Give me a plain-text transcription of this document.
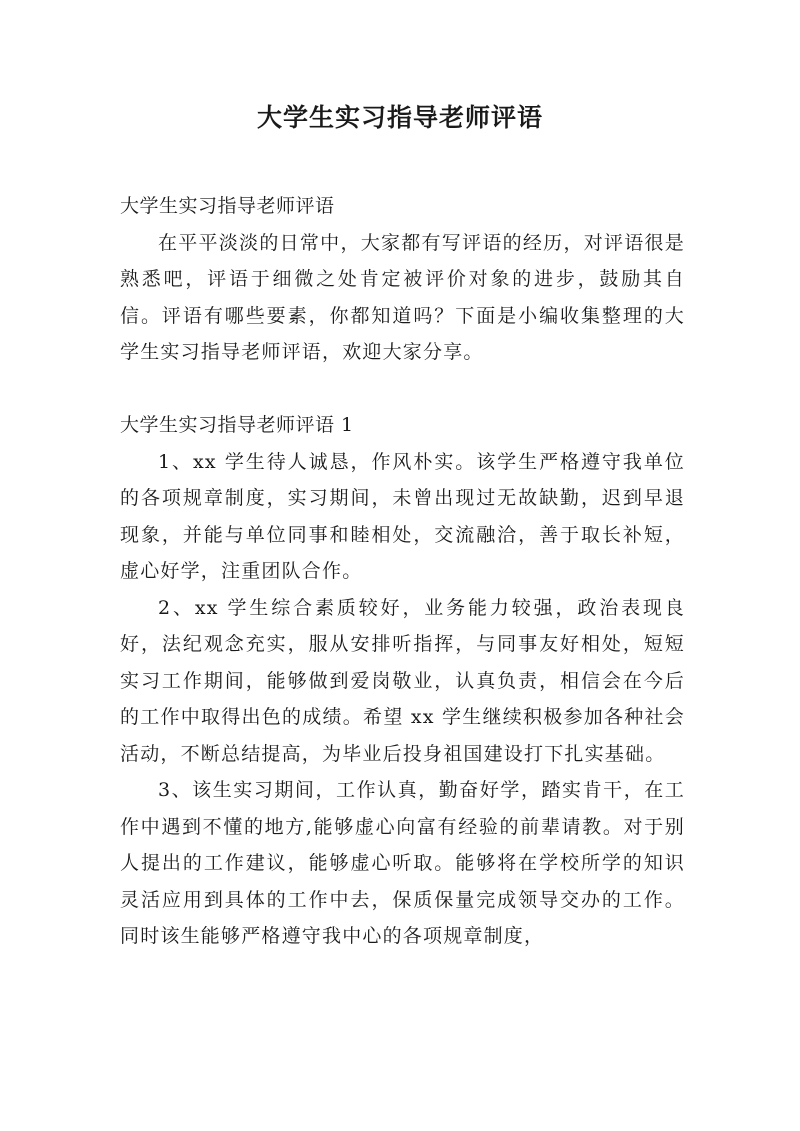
大学生实习指导老师评语

大学生实习指导老师评语

在平平淡淡的日常中，大家都有写评语的经历，对评语很是熟悉吧，评语于细微之处肯定被评价对象的进步，鼓励其自信。评语有哪些要素，你都知道吗？下面是小编收集整理的大学生实习指导老师评语，欢迎大家分享。

大学生实习指导老师评语 1

1、xx 学生待人诚恳，作风朴实。该学生严格遵守我单位的各项规章制度，实习期间，未曾出现过无故缺勤，迟到早退现象，并能与单位同事和睦相处，交流融洽，善于取长补短，虚心好学，注重团队合作。

2、xx 学生综合素质较好，业务能力较强，政治表现良好，法纪观念充实，服从安排听指挥，与同事友好相处，短短实习工作期间，能够做到爱岗敬业，认真负责，相信会在今后的工作中取得出色的成绩。希望 xx 学生继续积极参加各种社会活动，不断总结提高，为毕业后投身祖国建设打下扎实基础。

3、该生实习期间，工作认真，勤奋好学，踏实肯干，在工作中遇到不懂的地方,能够虚心向富有经验的前辈请教。对于别人提出的工作建议，能够虚心听取。能够将在学校所学的知识灵活应用到具体的工作中去，保质保量完成领导交办的工作。同时该生能够严格遵守我中心的各项规章制度，
